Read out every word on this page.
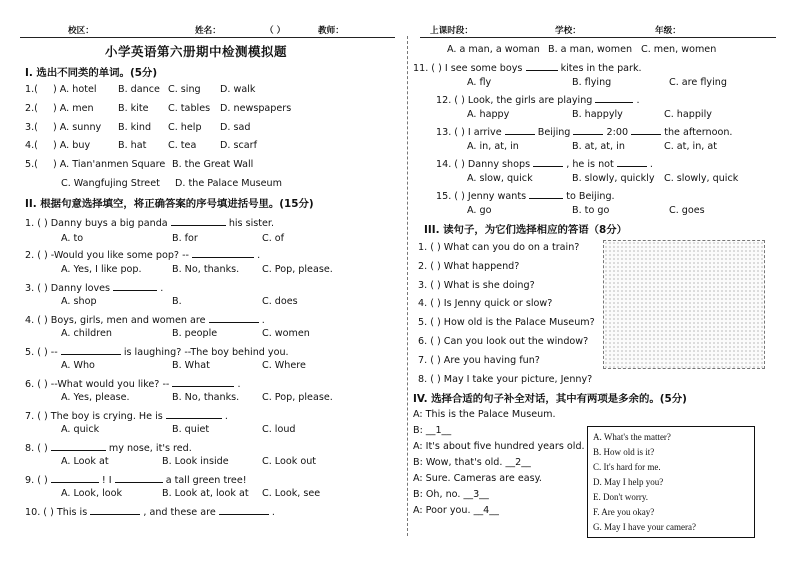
校区：	姓名：	（ ）	教师：	上课时段：	学校：	年级：
小学英语第六册期中检测模拟题
I. 选出不同类的单词。(5分)
1.( ) A. hotel B. dance C. sing D. walk
2.( ) A. men	B. kite C. tables D. newspapers
3.( ) A. sunny B. kind C. help D. sad
4.( ) A. buy	B. hat C. tea D. scarf
5.( ) A. Tian'anmen Square B. the Great Wall
C. Wangfujing Street D. the Palace Museum
II. 根据句意选择填空，将正确答案的序号填进括号里。(15分)
1. ( ) Danny buys a big panda	his sister.
A. to	B. for	C. of
2. ( ) -Would you like some pop? --	.
A. Yes, I like pop.	B. No, thanks. C. Pop, please.
3. ( ) Danny loves	.
A. shop	B.	C. does
4. ( ) Boys, girls, men and women are	.
A. children	B. people	C. women
5. ( ) --	is laughing? --The boy behind you.
A. Who	B. What	C. Where
6. ( ) --What would you like? --	.
A. Yes, please.	B. No, thanks. C. Pop, please.
7. ( ) The boy is crying. He is	.
A. quick	B. quiet	C. loud
8. ( )	my nose, it's red.
A. Look at	B. Look inside	C. Look out
9. ( )	! I	a tall green tree!
A. Look, look	B. Look at, look at C. Look, see
10. ( ) This is	, and these are	.
A. a man, a woman B. a man, women C. men, women
11. ( ) I see some boys	kites in the park.
A. fly	B. flying	C. are flying
12. ( ) Look, the girls are playing	.
A. happy	B. happyly	C. happily
13. ( ) I arrive	Beijing	2:00	the afternoon.
A. in, at, in	B. at, at, in	C. at, in, at
14. ( ) Danny shops	, he is not	.
A. slow, quick	B. slowly, quickly C. slowly, quick
15. ( ) Jenny wants	to Beijing.
A. go	B. to go	C. goes
III. 读句子，为它们选择相应的答语（8分）
1. ( ) What can you do on a train?
2. ( ) What happend?
3. ( ) What is she doing?
4. ( ) Is Jenny quick or slow?
5. ( ) How old is the Palace Museum?
6. ( ) Can you look out the window?
7. ( ) Are you having fun?
8. ( ) May I take your picture, Jenny?
IV. 选择合适的句子补全对话，其中有两项是多余的。(5分)
A: This is the Palace Museum.
B: __1__
A: It's about five hundred years old.
B: Wow, that's old. __2__
A: Sure. Cameras are easy.
B: Oh, no. __3__
A: Poor you. __4__
A. What's the matter?
B. How old is it?
C. It's hard for me.
D. May I help you?
E. Don't worry.
F. Are you okay?
G. May I have your camera?
